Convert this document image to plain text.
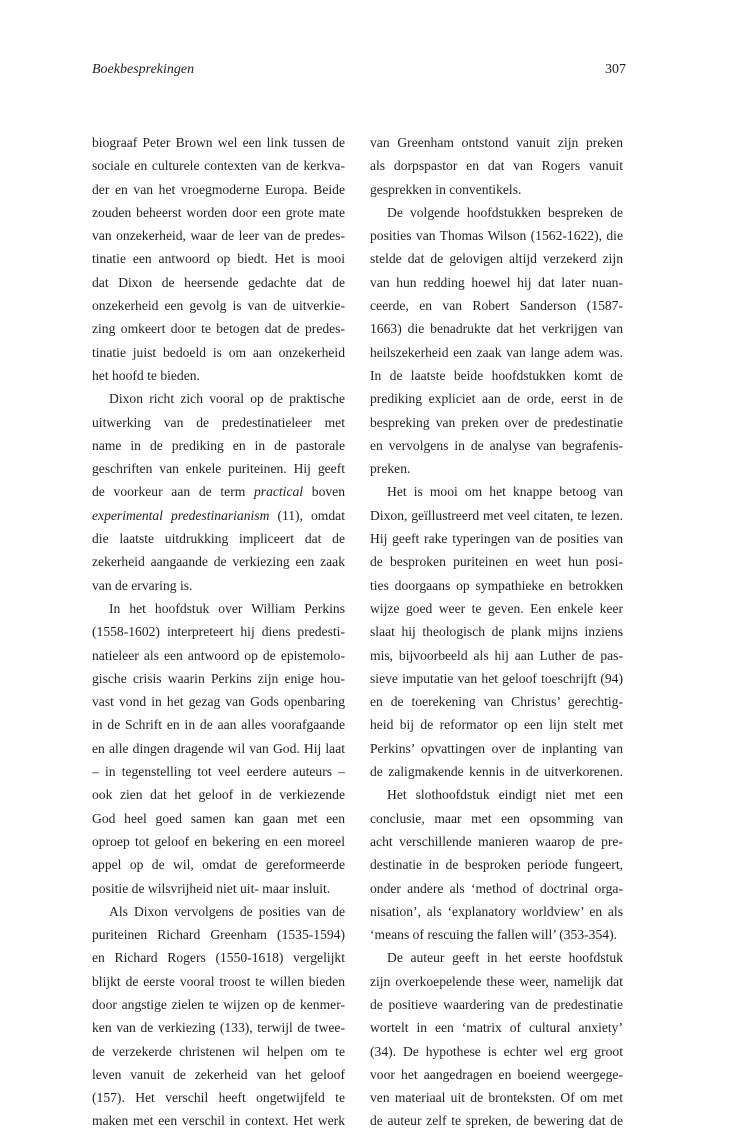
Boekbesprekingen	307
biograaf Peter Brown wel een link tussen de
sociale en culturele contexten van de kerkva-
der en van het vroegmoderne Europa. Beide
zouden beheerst worden door een grote mate
van onzekerheid, waar de leer van de predes-
tinatie een antwoord op biedt. Het is mooi
dat Dixon de heersende gedachte dat de
onzekerheid een gevolg is van de uitverkie-
zing omkeert door te betogen dat de predes-
tinatie juist bedoeld is om aan onzekerheid
het hoofd te bieden.
Dixon richt zich vooral op de praktische
uitwerking van de predestinatieleer met
name in de prediking en in de pastorale
geschriften van enkele puriteinen. Hij geeft
de voorkeur aan de term practical boven
experimental predestinarianism (11), omdat
die laatste uitdrukking impliceert dat de
zekerheid aangaande de verkiezing een zaak
van de ervaring is.
In het hoofdstuk over William Perkins
(1558-1602) interpreteert hij diens predesti-
natieleer als een antwoord op de epistemolo-
gische crisis waarin Perkins zijn enige hou-
vast vond in het gezag van Gods openbaring
in de Schrift en in de aan alles voorafgaande
en alle dingen dragende wil van God. Hij laat
– in tegenstelling tot veel eerdere auteurs –
ook zien dat het geloof in de verkiezende
God heel goed samen kan gaan met een
oproep tot geloof en bekering en een moreel
appel op de wil, omdat de gereformeerde
positie de wilsvrijheid niet uit- maar insluit.
Als Dixon vervolgens de posities van de
puriteinen Richard Greenham (1535-1594)
en Richard Rogers (1550-1618) vergelijkt
blijkt de eerste vooral troost te willen bieden
door angstige zielen te wijzen op de kenmer-
ken van de verkiezing (133), terwijl de twee-
de verzekerde christenen wil helpen om te
leven vanuit de zekerheid van het geloof
(157). Het verschil heeft ongetwijfeld te
maken met een verschil in context. Het werk
van Greenham ontstond vanuit zijn preken
als dorpspastor en dat van Rogers vanuit
gesprekken in conventikels.
De volgende hoofdstukken bespreken de
posities van Thomas Wilson (1562-1622), die
stelde dat de gelovigen altijd verzekerd zijn
van hun redding hoewel hij dat later nuan-
ceerde, en van Robert Sanderson (1587-
1663) die benadrukte dat het verkrijgen van
heilszekerheid een zaak van lange adem was.
In de laatste beide hoofdstukken komt de
prediking expliciet aan de orde, eerst in de
bespreking van preken over de predestinatie
en vervolgens in de analyse van begrafenis-
preken.
Het is mooi om het knappe betoog van
Dixon, geïllustreerd met veel citaten, te lezen.
Hij geeft rake typeringen van de posities van
de besproken puriteinen en weet hun posi-
ties doorgaans op sympathieke en betrokken
wijze goed weer te geven. Een enkele keer
slaat hij theologisch de plank mijns inziens
mis, bijvoorbeeld als hij aan Luther de pas-
sieve imputatie van het geloof toeschrijft (94)
en de toerekening van Christus’ gerechtig-
heid bij de reformator op een lijn stelt met
Perkins’ opvattingen over de inplanting van
de zaligmakende kennis in de uitverkorenen.
Het slothoofdstuk eindigt niet met een
conclusie, maar met een opsomming van
acht verschillende manieren waarop de pre-
destinatie in de besproken periode fungeert,
onder andere als ‘method of doctrinal orga-
nisation’, als ‘explanatory worldview’ en als
‘means of rescuing the fallen will’ (353-354).
De auteur geeft in het eerste hoofdstuk
zijn overkoepelende these weer, namelijk dat
de positieve waardering van de predestinatie
wortelt in een ‘matrix of cultural anxiety’
(34). De hypothese is echter wel erg groot
voor het aangedragen en boeiend weergege-
ven materiaal uit de bronteksten. Of om met
de auteur zelf te spreken, de bewering dat de
